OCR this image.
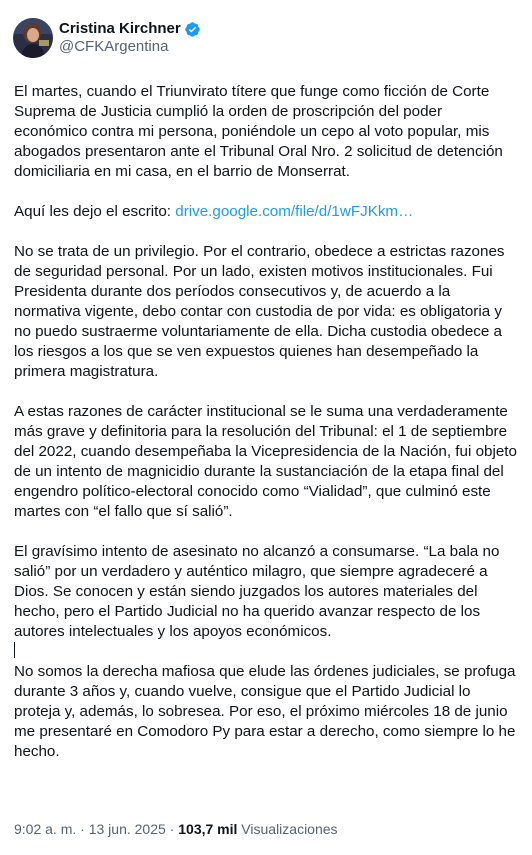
Cristina Kirchner
@CFKArgentina

El martes, cuando el Triunvirato títere que funge como ficción de Corte Suprema de Justicia cumplió la orden de proscripción del poder económico contra mi persona, poniéndole un cepo al voto popular, mis abogados presentaron ante el Tribunal Oral Nro. 2 solicitud de detención domiciliaria en mi casa, en el barrio de Monserrat.

Aquí les dejo el escrito: drive.google.com/file/d/1wFJKkm…

No se trata de un privilegio. Por el contrario, obedece a estrictas razones de seguridad personal. Por un lado, existen motivos institucionales. Fui Presidenta durante dos períodos consecutivos y, de acuerdo a la normativa vigente, debo contar con custodia de por vida: es obligatoria y no puedo sustraerme voluntariamente de ella. Dicha custodia obedece a los riesgos a los que se ven expuestos quienes han desempeñado la primera magistratura.

A estas razones de carácter institucional se le suma una verdaderamente más grave y definitoria para la resolución del Tribunal: el 1 de septiembre del 2022, cuando desempeñaba la Vicepresidencia de la Nación, fui objeto de un intento de magnicidio durante la sustanciación de la etapa final del engendro político-electoral conocido como “Vialidad”, que culminó este martes con “el fallo que sí salió”.

El gravísimo intento de asesinato no alcanzó a consumarse. “La bala no salió” por un verdadero y auténtico milagro, que siempre agradeceré a Dios. Se conocen y están siendo juzgados los autores materiales del hecho, pero el Partido Judicial no ha querido avanzar respecto de los autores intelectuales y los apoyos económicos.

No somos la derecha mafiosa que elude las órdenes judiciales, se profuga durante 3 años y, cuando vuelve, consigue que el Partido Judicial lo proteja y, además, lo sobresea. Por eso, el próximo miércoles 18 de junio me presentaré en Comodoro Py para estar a derecho, como siempre lo he hecho.

9:02 a. m. · 13 jun. 2025 · 103,7 mil Visualizaciones
